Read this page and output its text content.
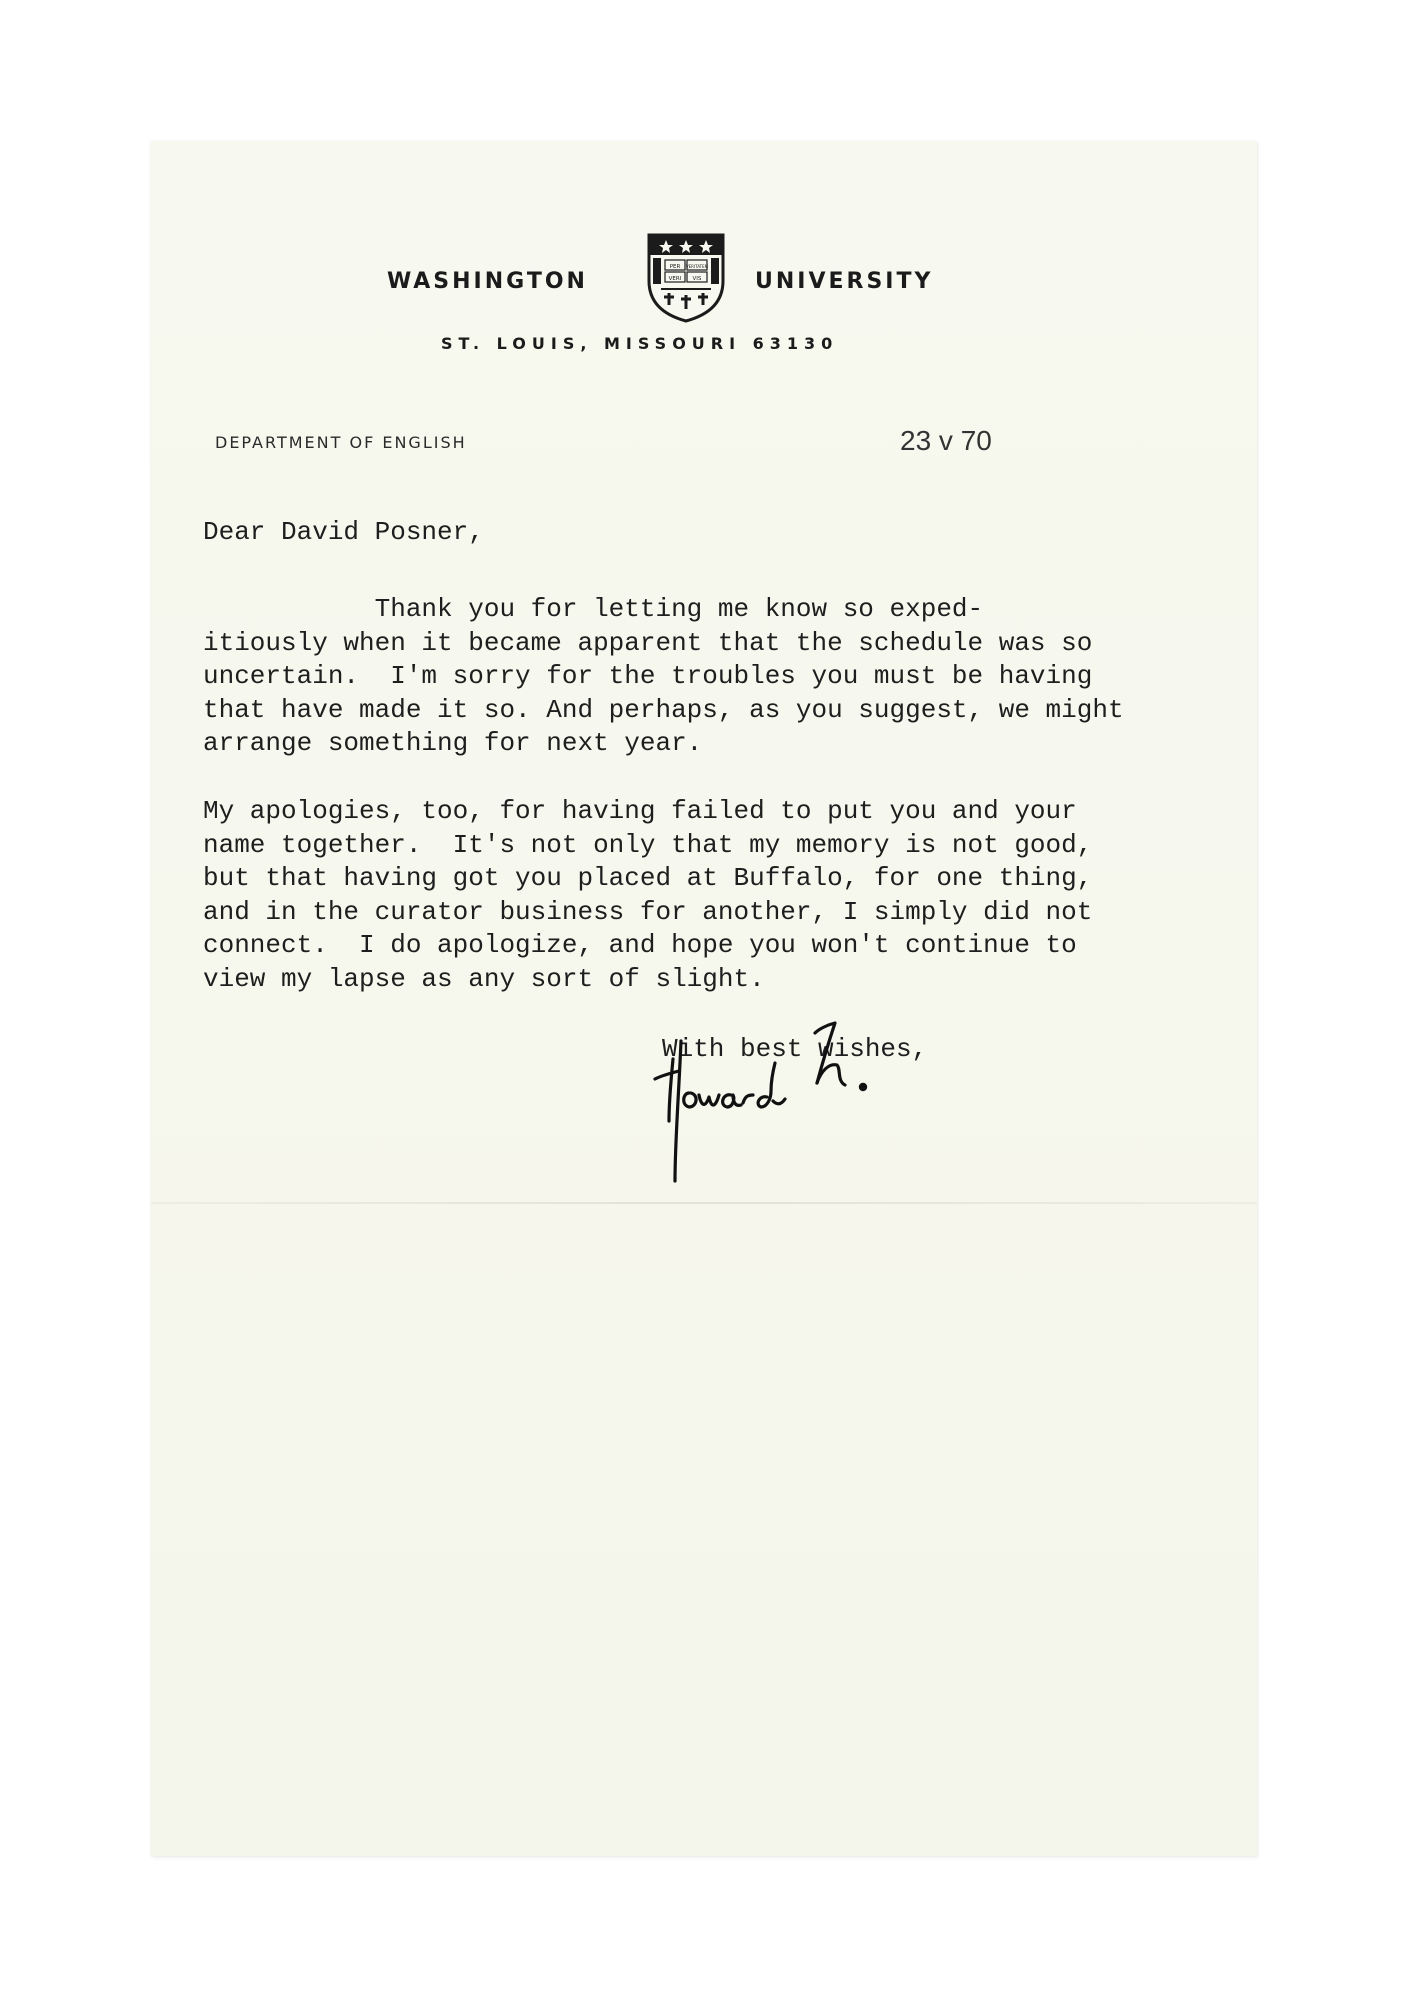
WASHINGTON
PER VERITATEM
VERI VIS UNIVERSITY
ST. LOUIS, MISSOURI 63130
DEPARTMENT OF ENGLISH	23 v 70
Dear David Posner,
Thank you for letting me know so exped-
itiously when it became apparent that the schedule was so
uncertain.  I'm sorry for the troubles you must be having
that have made it so. And perhaps, as you suggest, we might
arrange something for next year.
My apologies, too, for having failed to put you and your
name together.  It's not only that my memory is not good,
but that having got you placed at Buffalo, for one thing,
and in the curator business for another, I simply did not
connect.  I do apologize, and hope you won't continue to
view my lapse as any sort of slight.
With best wishes,
